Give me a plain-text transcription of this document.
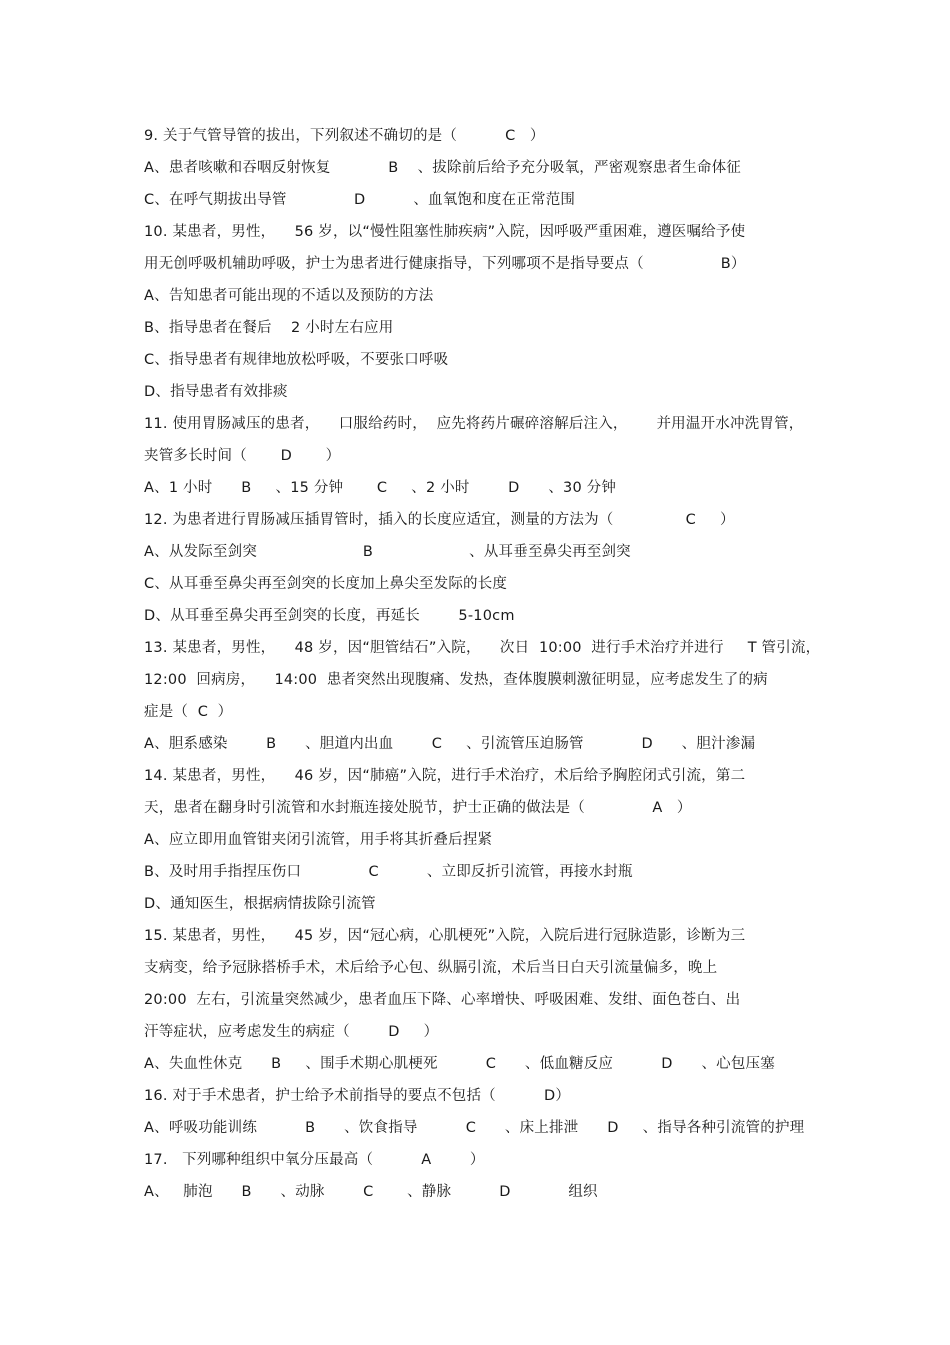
9. 关于气管导管的拔出，下列叙述不确切的是（          C   ）
A、患者咳嗽和吞咽反射恢复            B    、拔除前后给予充分吸氧，严密观察患者生命体征
C、在呼气期拔出导管              D          、血氧饱和度在正常范围
10. 某患者，男性，    56 岁，以“慢性阻塞性肺疾病”入院，因呼吸严重困难，遵医嘱给予使
用无创呼吸机辅助呼吸，护士为患者进行健康指导，下列哪项不是指导要点（                B）
A、告知患者可能出现的不适以及预防的方法
B、指导患者在餐后    2 小时左右应用
C、指导患者有规律地放松呼吸，不要张口呼吸
D、指导患者有效排痰
11. 使用胃肠减压的患者，    口服给药时，  应先将药片碾碎溶解后注入，      并用温开水冲洗胃管，
夹管多长时间（       D       ）
A、1 小时      B     、15 分钟       C     、2 小时        D      、30 分钟
12. 为患者进行胃肠减压插胃管时，插入的长度应适宜，测量的方法为（               C     ）
A、从发际至剑突                      B                    、从耳垂至鼻尖再至剑突
C、从耳垂至鼻尖再至剑突的长度加上鼻尖至发际的长度
D、从耳垂至鼻尖再至剑突的长度，再延长        5-10cm
13. 某患者，男性，    48 岁，因“胆管结石”入院，    次日  10:00  进行手术治疗并进行     T 管引流，
12:00  回病房，    14:00  患者突然出现腹痛、发热，查体腹膜刺激征明显，应考虑发生了的病
症是（  C  ）
A、胆系感染        B      、胆道内出血        C     、引流管压迫肠管            D      、胆汁渗漏
14. 某患者，男性，    46 岁，因“肺癌”入院，进行手术治疗，术后给予胸腔闭式引流，第二
天，患者在翻身时引流管和水封瓶连接处脱节，护士正确的做法是（              A   ）
A、应立即用血管钳夹闭引流管，用手将其折叠后捏紧
B、及时用手指捏压伤口              C          、立即反折引流管，再接水封瓶
D、通知医生，根据病情拔除引流管
15. 某患者，男性，    45 岁，因“冠心病，心肌梗死”入院，入院后进行冠脉造影，诊断为三
支病变，给予冠脉搭桥手术，术后给予心包、纵膈引流，术后当日白天引流量偏多，晚上
20:00  左右，引流量突然减少，患者血压下降、心率增快、呼吸困难、发绀、面色苍白、出
汗等症状，应考虑发生的病症（        D     ）
A、失血性休克      B     、围手术期心肌梗死          C      、低血糖反应          D      、心包压塞
16. 对于手术患者，护士给予术前指导的要点不包括（          D）
A、呼吸功能训练          B      、饮食指导          C      、床上排泄      D     、指导各种引流管的护理
17.   下列哪种组织中氧分压最高（          A        ）
A、   肺泡      B      、动脉        C       、静脉          D            组织
